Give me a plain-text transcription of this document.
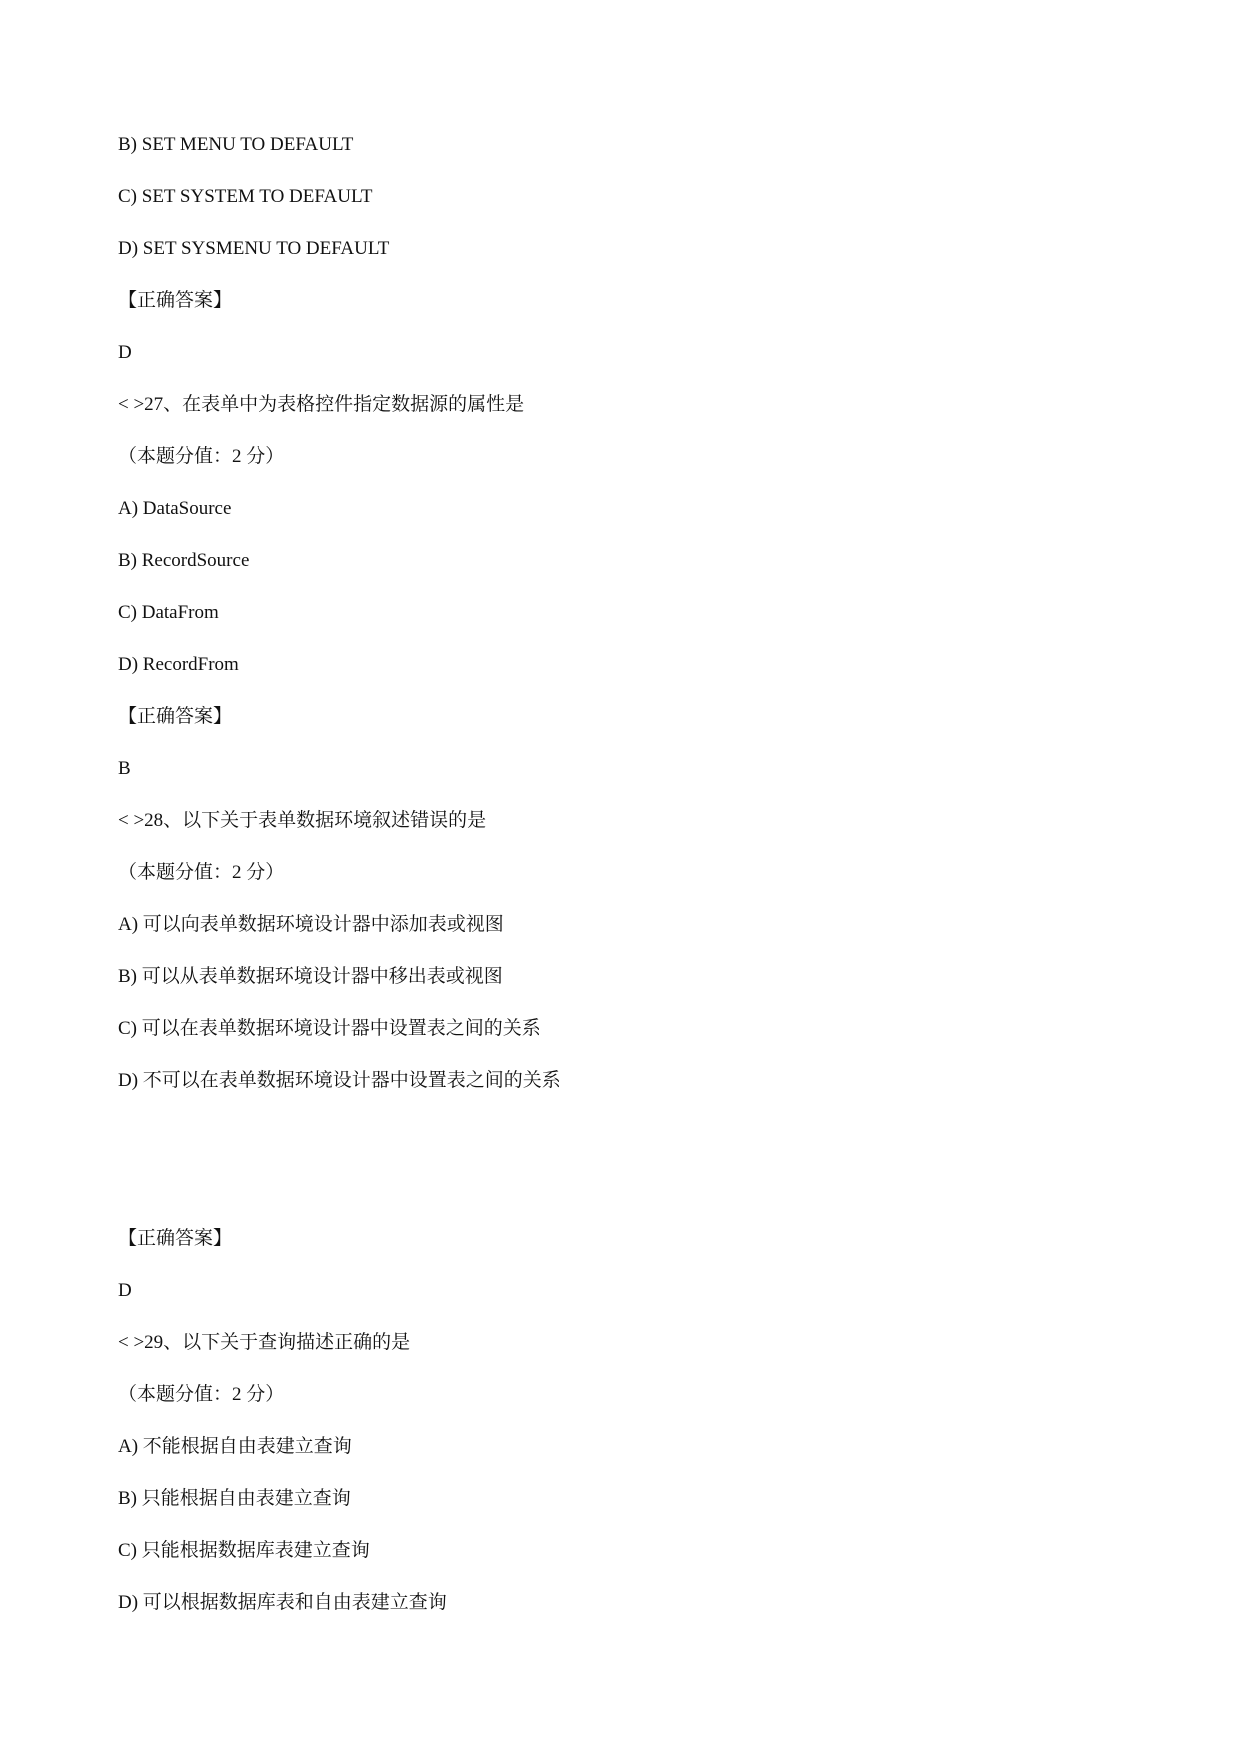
B) SET MENU TO DEFAULT
C) SET SYSTEM TO DEFAULT
D) SET SYSMENU TO DEFAULT
【正确答案】
D
< >27、在表单中为表格控件指定数据源的属性是
（本题分值：2 分）
A) DataSource
B) RecordSource
C) DataFrom
D) RecordFrom
【正确答案】
B
< >28、以下关于表单数据环境叙述错误的是
（本题分值：2 分）
A) 可以向表单数据环境设计器中添加表或视图
B) 可以从表单数据环境设计器中移出表或视图
C) 可以在表单数据环境设计器中设置表之间的关系
D) 不可以在表单数据环境设计器中设置表之间的关系
【正确答案】
D
< >29、以下关于查询描述正确的是
（本题分值：2 分）
A) 不能根据自由表建立查询
B) 只能根据自由表建立查询
C) 只能根据数据库表建立查询
D) 可以根据数据库表和自由表建立查询
